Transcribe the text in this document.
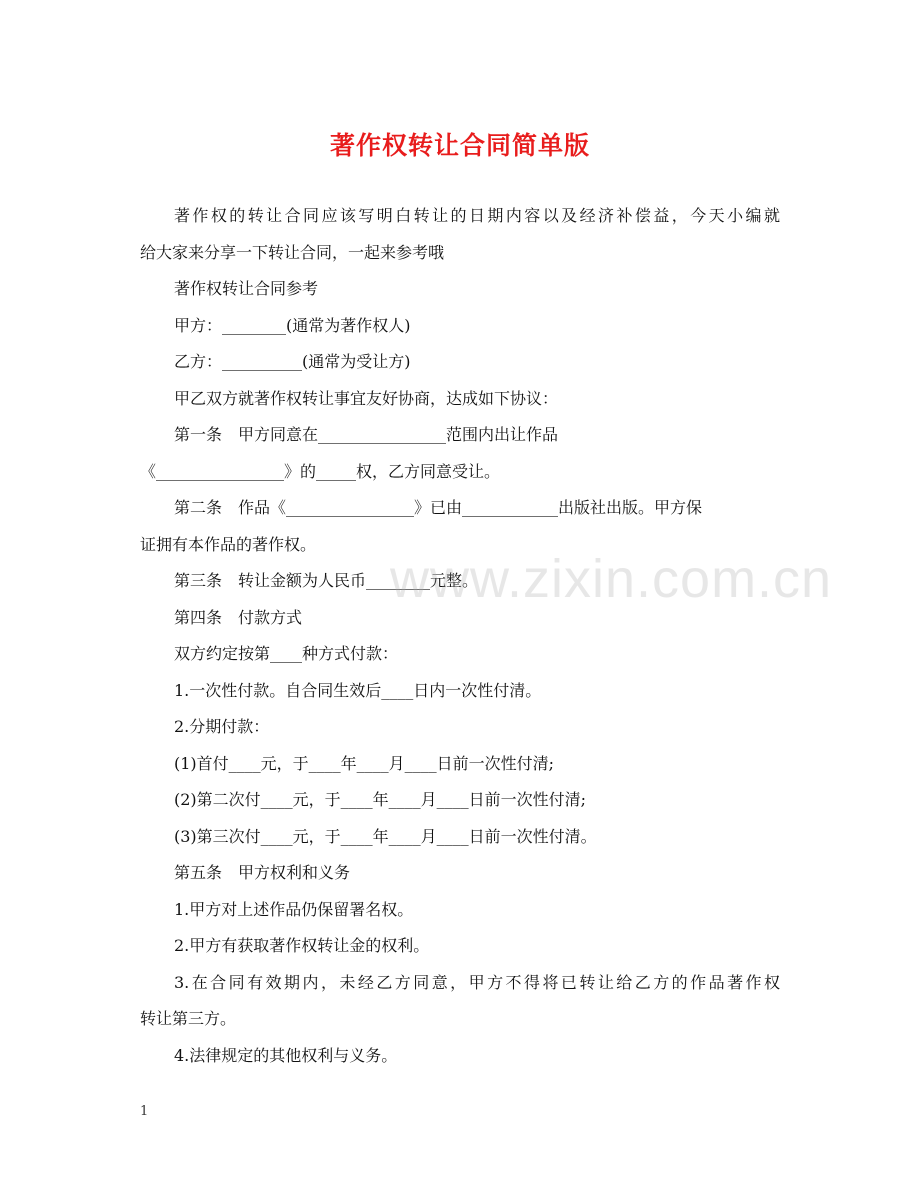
著作权转让合同简单版
著作权的转让合同应该写明白转让的日期内容以及经济补偿益，今天小编就
给大家来分享一下转让合同，一起来参考哦
著作权转让合同参考
甲方：________(通常为著作权人)
乙方：__________(通常为受让方)
甲乙双方就著作权转让事宜友好协商，达成如下协议：
第一条　甲方同意在________________范围内出让作品
《________________》的_____权，乙方同意受让。
第二条　作品《________________》已由____________出版社出版。甲方保
证拥有本作品的著作权。
第三条　转让金额为人民币________元整。
第四条　付款方式
双方约定按第____种方式付款：
1.一次性付款。自合同生效后____日内一次性付清。
2.分期付款：
(1)首付____元，于____年____月____日前一次性付清;
(2)第二次付____元，于____年____月____日前一次性付清;
(3)第三次付____元，于____年____月____日前一次性付清。
第五条　甲方权利和义务
1.甲方对上述作品仍保留署名权。
2.甲方有获取著作权转让金的权利。
3.在合同有效期内，未经乙方同意，甲方不得将已转让给乙方的作品著作权
转让第三方。
4.法律规定的其他权利与义务。
www.zixin.com.cn
1
